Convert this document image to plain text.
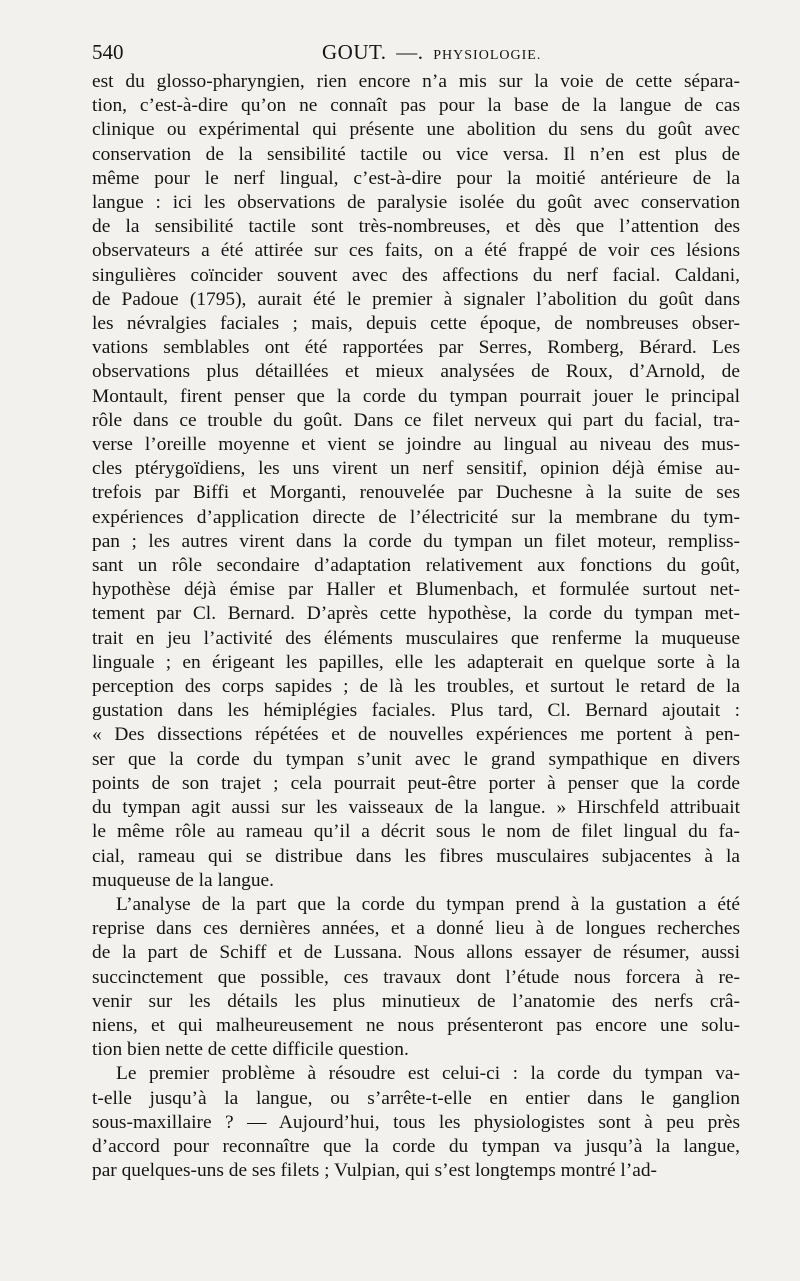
540	GOUT. —. PHYSIOLOGIE.
est du glosso-pharyngien, rien encore n’a mis sur la voie de cette sépara-
tion, c’est-à-dire qu’on ne connaît pas pour la base de la langue de cas
clinique ou expérimental qui présente une abolition du sens du goût avec
conservation de la sensibilité tactile ou vice versa. Il n’en est plus de
même pour le nerf lingual, c’est-à-dire pour la moitié antérieure de la
langue : ici les observations de paralysie isolée du goût avec conservation
de la sensibilité tactile sont très-nombreuses, et dès que l’attention des
observateurs a été attirée sur ces faits, on a été frappé de voir ces lésions
singulières coïncider souvent avec des affections du nerf facial. Caldani,
de Padoue (1795), aurait été le premier à signaler l’abolition du goût dans
les névralgies faciales ; mais, depuis cette époque, de nombreuses obser-
vations semblables ont été rapportées par Serres, Romberg, Bérard. Les
observations plus détaillées et mieux analysées de Roux, d’Arnold, de
Montault, firent penser que la corde du tympan pourrait jouer le principal
rôle dans ce trouble du goût. Dans ce filet nerveux qui part du facial, tra-
verse l’oreille moyenne et vient se joindre au lingual au niveau des mus-
cles ptérygoïdiens, les uns virent un nerf sensitif, opinion déjà émise au-
trefois par Biffi et Morganti, renouvelée par Duchesne à la suite de ses
expériences d’application directe de l’électricité sur la membrane du tym-
pan ; les autres virent dans la corde du tympan un filet moteur, rempliss-
sant un rôle secondaire d’adaptation relativement aux fonctions du goût,
hypothèse déjà émise par Haller et Blumenbach, et formulée surtout net-
tement par Cl. Bernard. D’après cette hypothèse, la corde du tympan met-
trait en jeu l’activité des éléments musculaires que renferme la muqueuse
linguale ; en érigeant les papilles, elle les adapterait en quelque sorte à la
perception des corps sapides ; de là les troubles, et surtout le retard de la
gustation dans les hémiplégies faciales. Plus tard, Cl. Bernard ajoutait :
« Des dissections répétées et de nouvelles expériences me portent à pen-
ser que la corde du tympan s’unit avec le grand sympathique en divers
points de son trajet ; cela pourrait peut-être porter à penser que la corde
du tympan agit aussi sur les vaisseaux de la langue. » Hirschfeld attribuait
le même rôle au rameau qu’il a décrit sous le nom de filet lingual du fa-
cial, rameau qui se distribue dans les fibres musculaires subjacentes à la
muqueuse de la langue.
L’analyse de la part que la corde du tympan prend à la gustation a été
reprise dans ces dernières années, et a donné lieu à de longues recherches
de la part de Schiff et de Lussana. Nous allons essayer de résumer, aussi
succinctement que possible, ces travaux dont l’étude nous forcera à re-
venir sur les détails les plus minutieux de l’anatomie des nerfs crâ-
niens, et qui malheureusement ne nous présenteront pas encore une solu-
tion bien nette de cette difficile question.
Le premier problème à résoudre est celui-ci : la corde du tympan va-
t-elle jusqu’à la langue, ou s’arrête-t-elle en entier dans le ganglion
sous-maxillaire ? — Aujourd’hui, tous les physiologistes sont à peu près
d’accord pour reconnaître que la corde du tympan va jusqu’à la langue,
par quelques-uns de ses filets ; Vulpian, qui s’est longtemps montré l’ad-
